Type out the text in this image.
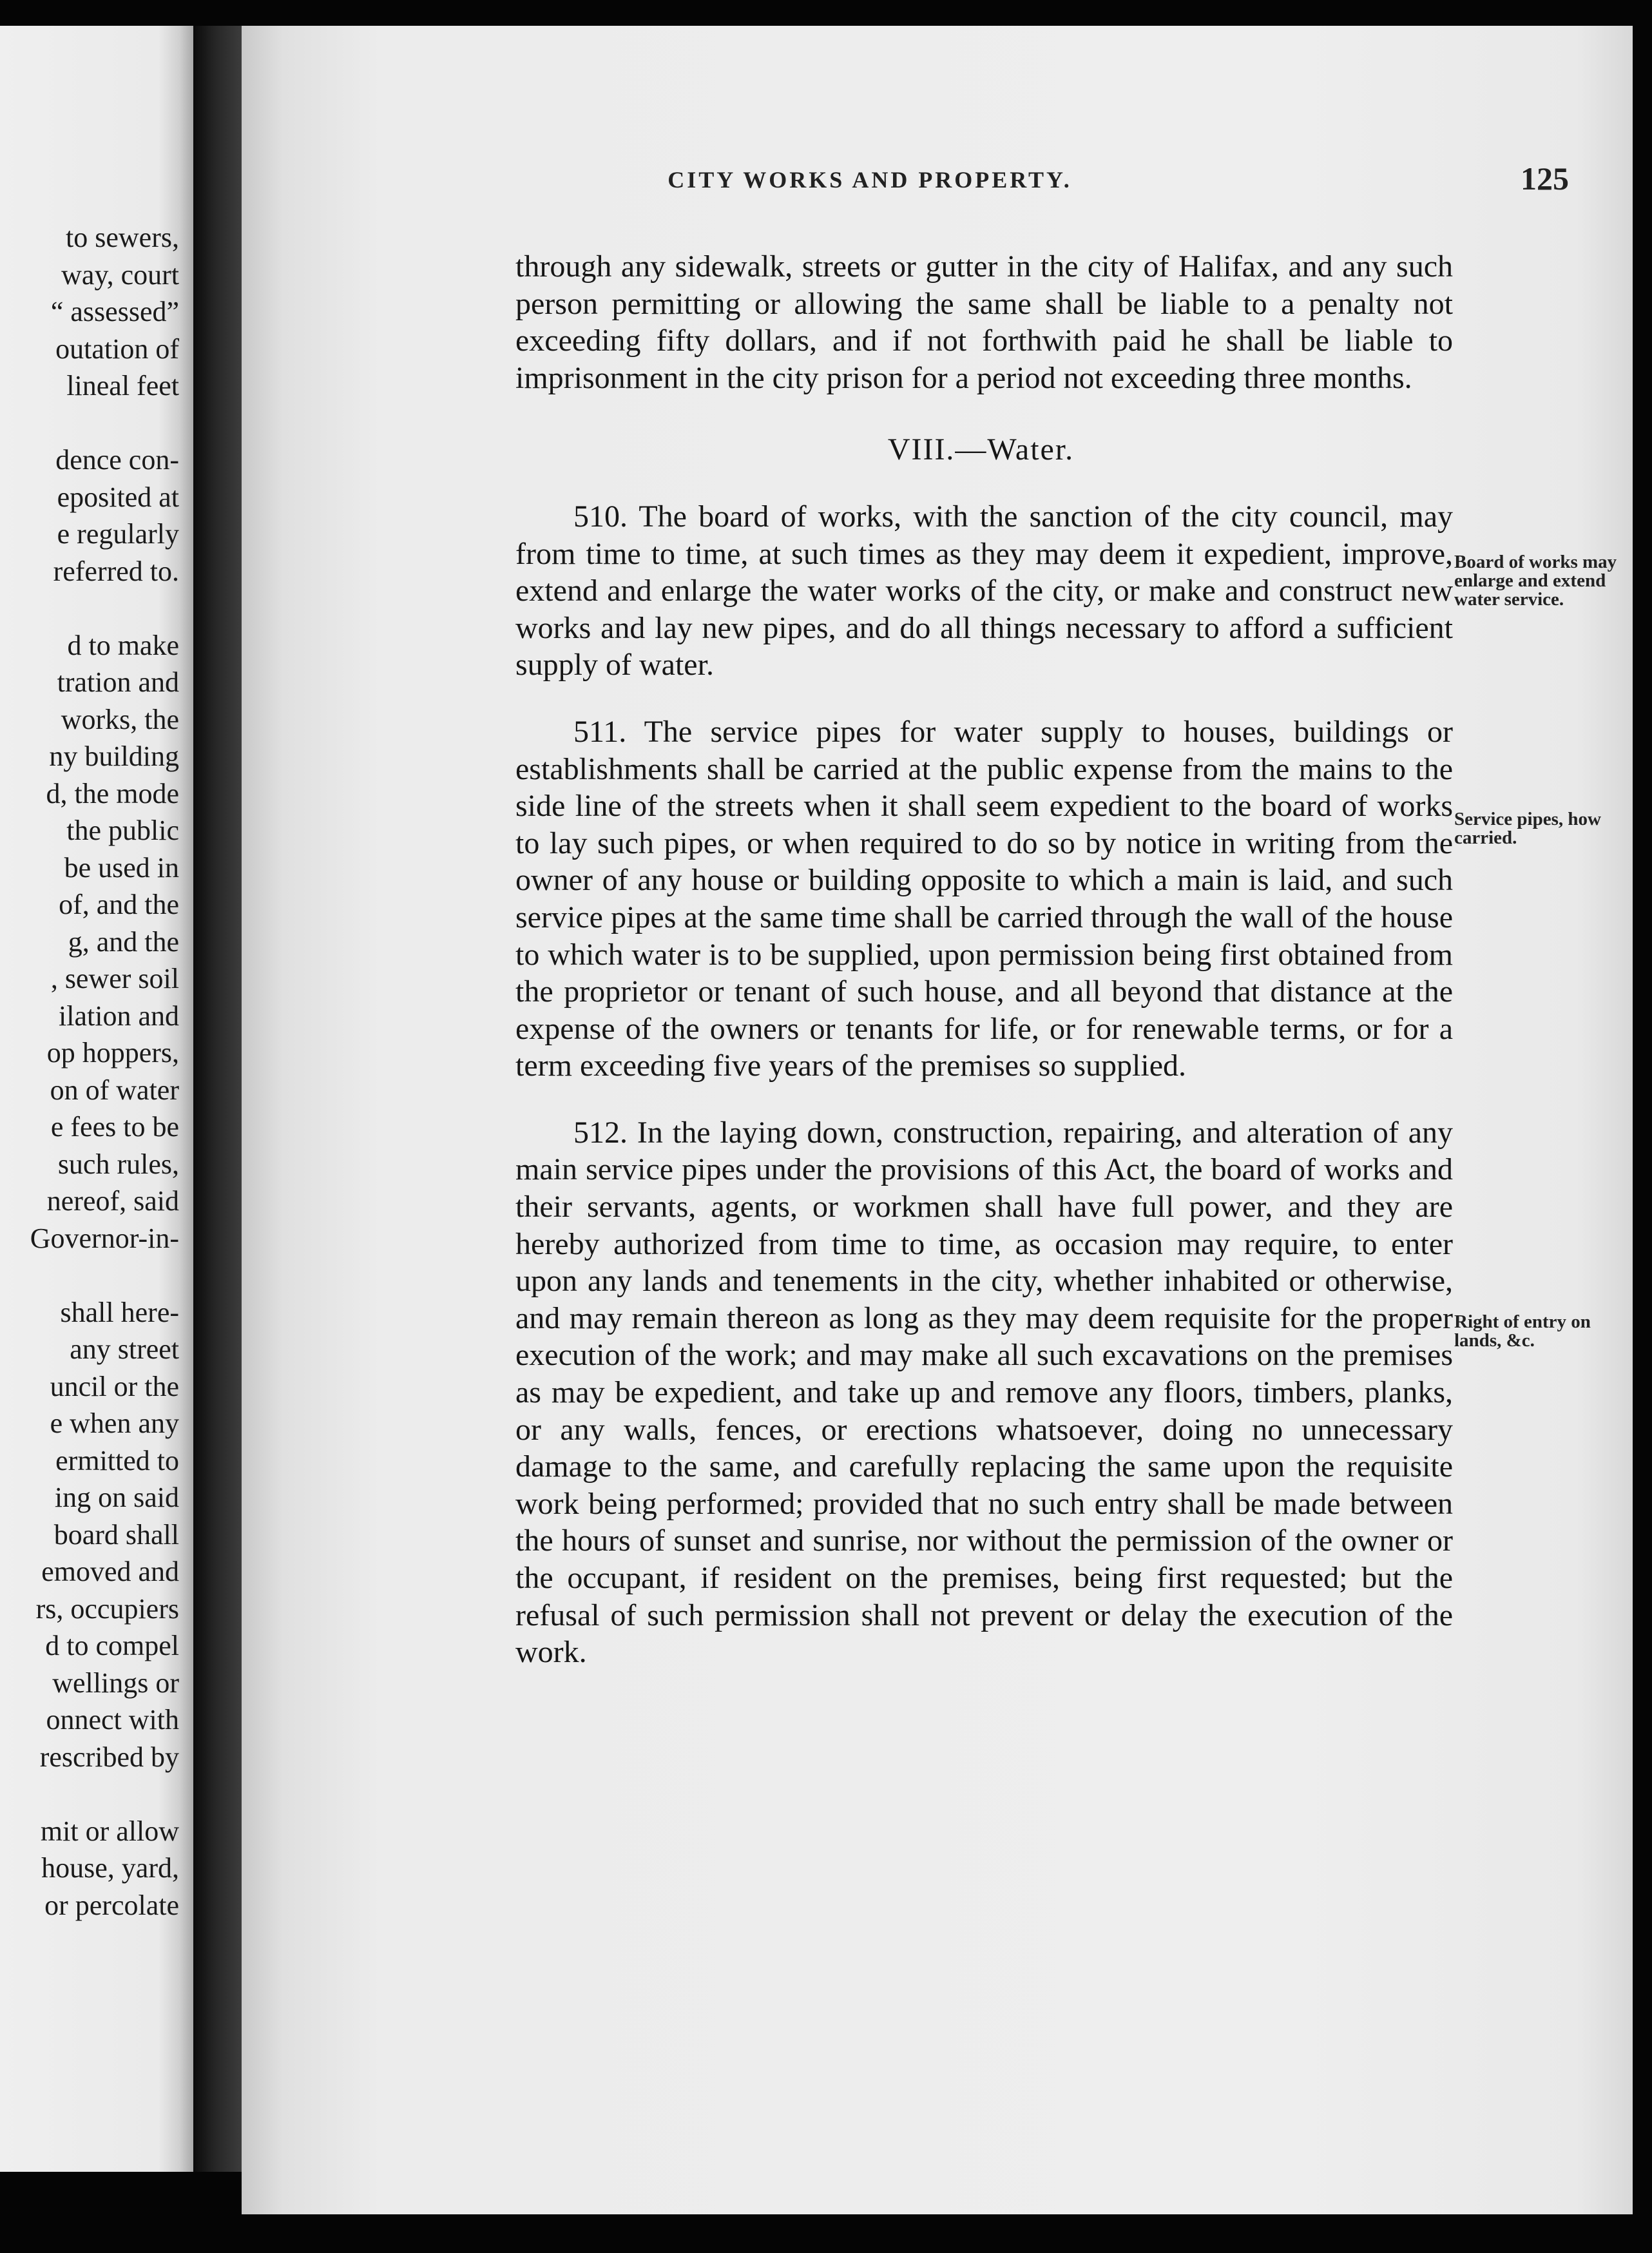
to sewers,
way, court
“ assessed”
outation of
lineal feet
dence con-
eposited at
e regularly
referred to.
d to make
tration and
works, the
ny building
d, the mode
the public
be used in
of, and the
g, and the
, sewer soil
ilation and
op hoppers,
on of water
e fees to be
such rules,
nereof, said
Governor-in-
shall here-
any street
uncil or the
e when any
ermitted to
ing on said
board shall
emoved and
rs, occupiers
d to compel
wellings or
onnect with
rescribed by
mit or allow
house, yard,
or percolate
CITY WORKS AND PROPERTY.	125

through any sidewalk, streets or gutter in the city of Halifax, and any such person permitting or allowing the same shall be liable to a penalty not exceeding fifty dollars, and if not forthwith paid he shall be liable to imprisonment in the city prison for a period not exceeding three months.

VIII.—Water.

510. The board of works, with the sanction of the city council, may from time to time, at such times as they may deem it expedient, improve, extend and enlarge the water works of the city, or make and construct new works and lay new pipes, and do all things necessary to afford a sufficient supply of water.

511. The service pipes for water supply to houses, buildings or establishments shall be carried at the public expense from the mains to the side line of the streets when it shall seem expedient to the board of works to lay such pipes, or when required to do so by notice in writing from the owner of any house or building opposite to which a main is laid, and such service pipes at the same time shall be carried through the wall of the house to which water is to be supplied, upon permission being first obtained from the proprietor or tenant of such house, and all beyond that distance at the expense of the owners or tenants for life, or for renewable terms, or for a term exceeding five years of the premises so supplied.

512. In the laying down, construction, repairing, and alteration of any main service pipes under the provisions of this Act, the board of works and their servants, agents, or workmen shall have full power, and they are hereby authorized from time to time, as occasion may require, to enter upon any lands and tenements in the city, whether inhabited or otherwise, and may remain thereon as long as they may deem requisite for the proper execution of the work; and may make all such excavations on the premises as may be expedient, and take up and remove any floors, timbers, planks, or any walls, fences, or erections whatsoever, doing no unnecessary damage to the same, and carefully replacing the same upon the requisite work being performed; provided that no such entry shall be made between the hours of sunset and sunrise, nor without the permission of the owner or the occupant, if resident on the premises, being first requested; but the refusal of such permission shall not prevent or delay the execution of the work.

Board of works may enlarge and extend water service.
Service pipes, how carried.
Right of entry on lands, &c.
